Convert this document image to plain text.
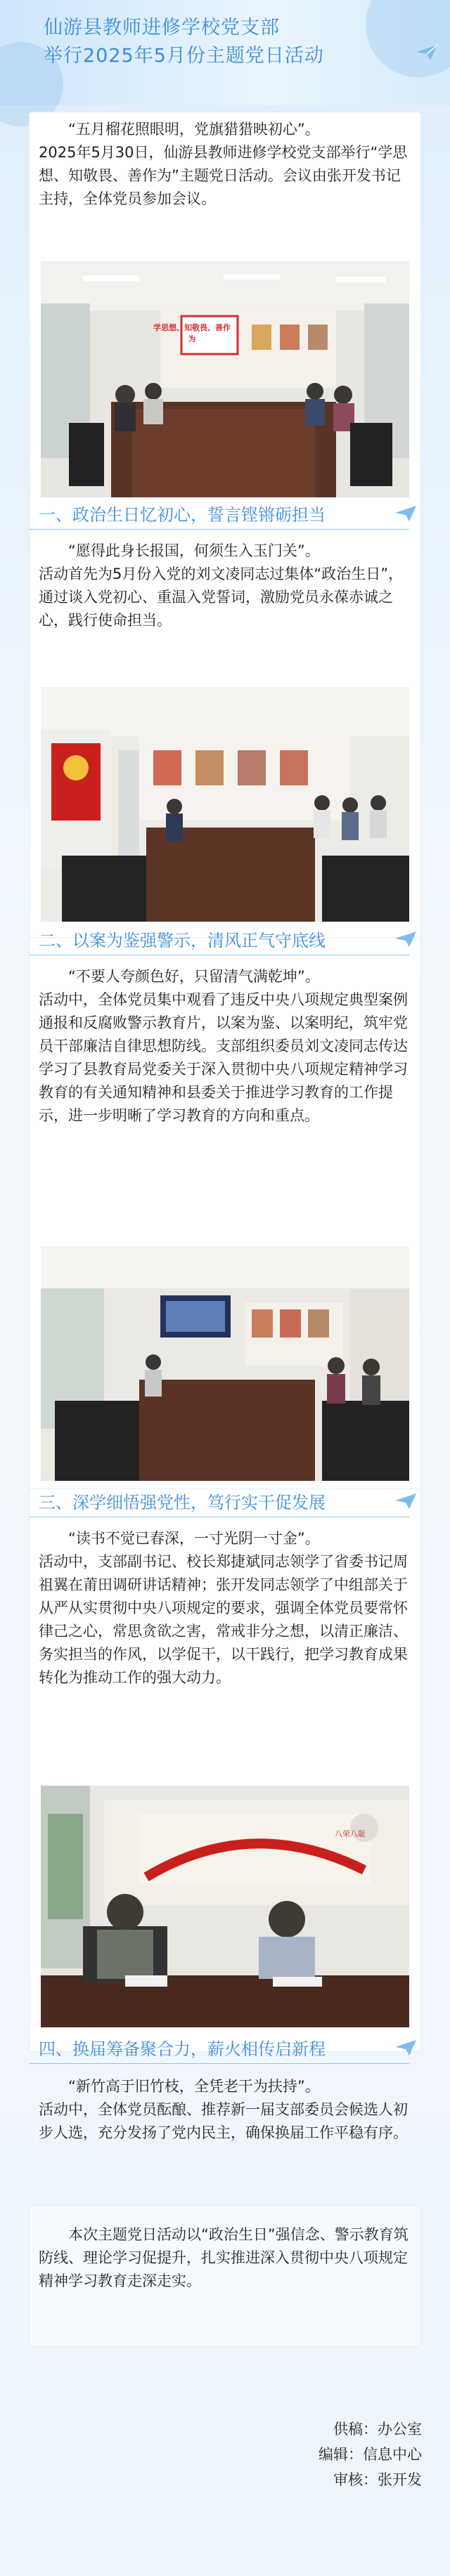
仙游县教师进修学校党支部
举行2025年5月份主题党日活动

“五月榴花照眼明，党旗猎猎映初心”。

2025年5月30日，仙游县教师进修学校党支部举行“学思想、知敬畏、善作为”主题党日活动。会议由张开发书记主持，全体党员参加会议。

学思想、知敬畏、善作为
一、政治生日忆初心，誓言铿锵砺担当

“愿得此身长报国，何须生入玉门关”。

活动首先为5月份入党的刘文凌同志过集体“政治生日”，通过谈入党初心、重温入党誓词，激励党员永葆赤诚之心，践行使命担当。

二、以案为鉴强警示，清风正气守底线

“不要人夸颜色好，只留清气满乾坤”。

活动中，全体党员集中观看了违反中央八项规定典型案例通报和反腐败警示教育片，以案为鉴、以案明纪，筑牢党员干部廉洁自律思想防线。支部组织委员刘文凌同志传达学习了县教育局党委关于深入贯彻中央八项规定精神学习教育的有关通知精神和县委关于推进学习教育的工作提示，进一步明晰了学习教育的方向和重点。

三、深学细悟强党性，笃行实干促发展

“读书不觉已春深，一寸光阴一寸金”。

活动中，支部副书记、校长郑捷斌同志领学了省委书记周祖翼在莆田调研讲话精神；张开发同志领学了中组部关于从严从实贯彻中央八项规定的要求，强调全体党员要常怀律己之心，常思贪欲之害，常戒非分之想，以清正廉洁、务实担当的作风，以学促干，以干践行，把学习教育成果转化为推动工作的强大动力。

八荣八耻
四、换届筹备聚合力，薪火相传启新程

“新竹高于旧竹枝，全凭老干为扶持”。

活动中，全体党员酝酿、推荐新一届支部委员会候选人初步人选，充分发扬了党内民主，确保换届工作平稳有序。

本次主题党日活动以“政治生日”强信念、警示教育筑防线、理论学习促提升，扎实推进深入贯彻中央八项规定精神学习教育走深走实。

供稿：办公室
编辑：信息中心
审核：张开发
